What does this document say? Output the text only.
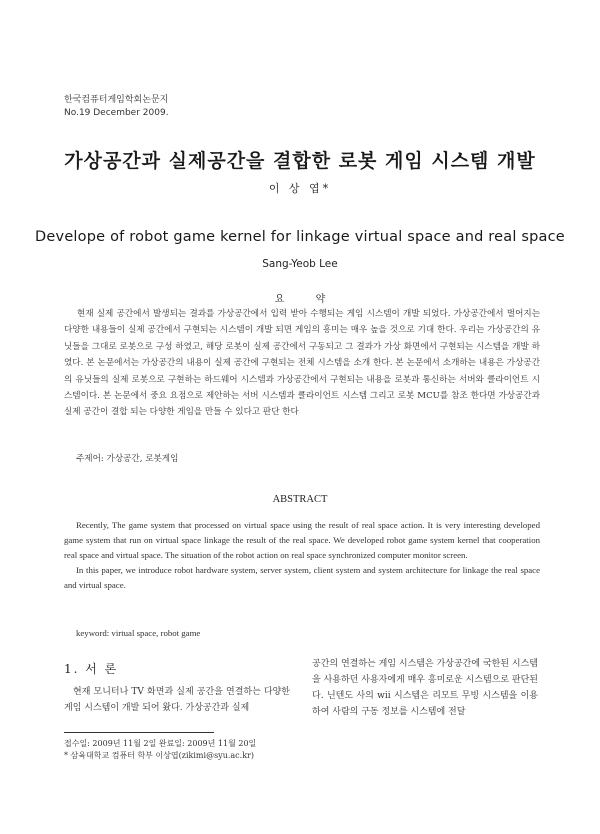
한국컴퓨터게임학회논문지
No.19 December 2009.
가상공간과 실제공간을 결합한 로봇 게임 시스템 개발
이 상 엽*
Develope of robot game kernel for linkage virtual space and real space
Sang-Yeob Lee
요 약
현재 실제 공간에서 발생되는 결과를 가상공간에서 입력 받아 수행되는 게임 시스템이 개발 되었다. 가상공간에서 벌어지는 다양한 내용들이 실제 공간에서 구현되는 시스템이 개발 되면 게임의 흥미는 매우 높을 것으로 기대 한다. 우리는 가상공간의 유닛들을 그대로 로봇으로 구성 하였고, 해당 로봇이 실제 공간에서 구동되고 그 결과가 가상 화면에서 구현되는 시스템을 개발 하였다. 본 논문에서는 가상공간의 내용이 실제 공간에 구현되는 전체 시스템을 소개 한다. 본 논문에서 소개하는 내용은 가상공간의 유닛들의 실제 로봇으로 구현하는 하드웨어 시스템과 가상공간에서 구현되는 내용을 로봇과 통신하는 서버와 클라이언트 시스템이다. 본 논문에서 중요 요점으로 제안하는 서버 시스템과 클라이언트 시스템 그리고 로봇 MCU를 참조 한다면 가상공간과 실제 공간이 결합 되는 다양한 게임을 만들 수 있다고 판단 한다
주제어: 가상공간, 로봇게임
ABSTRACT

Recently, The game system that processed on virtual space using the result of real space action. It is very interesting developed game system that run on virtual space linkage the result of the real space. We developed robot game system kernel that cooperation real space and virtual space. The situation of the robot action on real space synchronized computer monitor screen.

In this paper, we introduce robot hardware system, server system, client system and system architecture for linkage the real space and virtual space.

keyword: virtual space, robot game
1. 서 론
현재 모니터나 TV 화면과 실제 공간을 연결하는 다양한 게임 시스템이 개발 되어 왔다. 가상공간과 실제
공간의 연결하는 게임 시스템은 가상공간에 국한된 시스템을 사용하던 사용자에게 매우 흥미로운 시스템으로 판단된다. 닌텐도 사의 wii 시스템은 리모트 무빙 시스템을 이용하여 사람의 구동 정보를 시스템에 전달
접수일: 2009년 11월 2일 완료일: 2009년 11월 20일
* 삼육대학교 컴퓨터 학부 이상엽(zikimi@syu.ac.kr)
